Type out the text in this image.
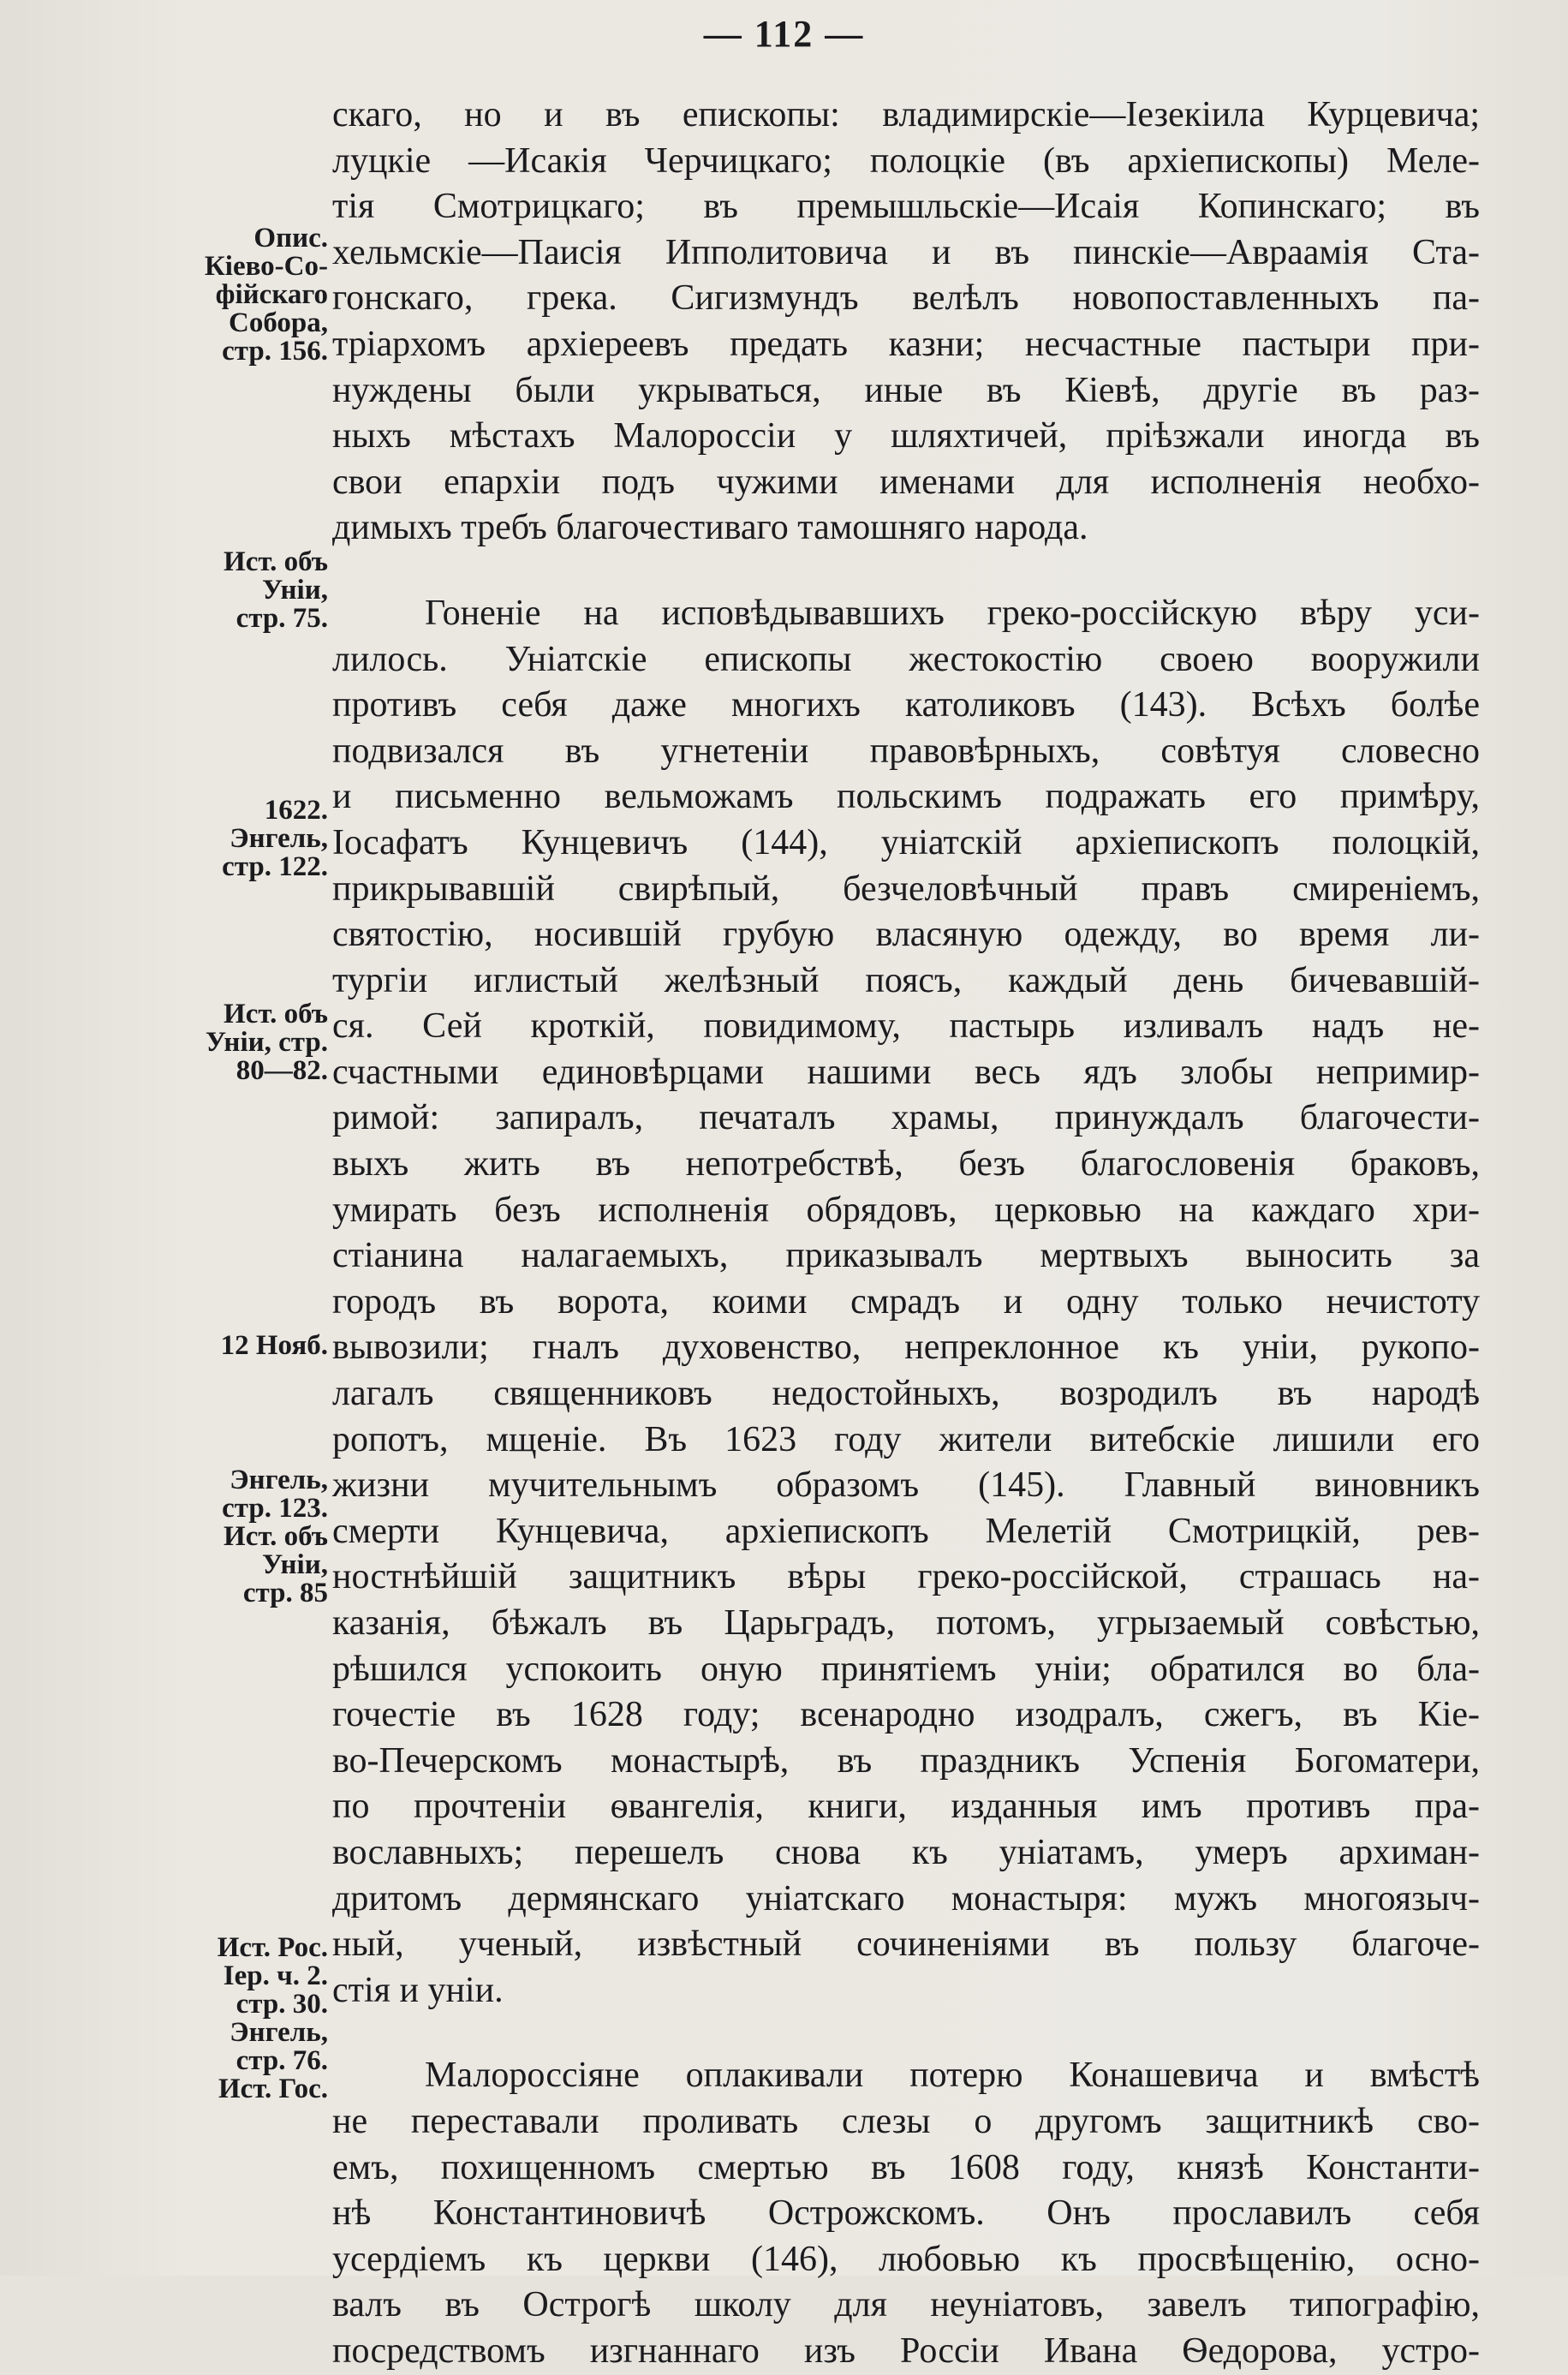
— 112 —
скаго, но и въ епископы: владимирскіе—Iезекіила Курцевича;
луцкіе —Исакія Черчицкаго; полоцкіе (въ архіепископы) Меле-
тія Смотрицкаго; въ премышльскіе—Исаія Копинскаго; въ
хельмскіе—Паисія Ипполитовича и въ пинскіе—Авраамія Ста-
гонскаго, грека. Сигизмундъ велѣлъ новопоставленныхъ па-
тріархомъ архіереевъ предать казни; несчастные пастыри при-
нуждены были укрываться, иные въ Кіевѣ, другіе въ раз-
ныхъ мѣстахъ Малороссіи у шляхтичей, пріѣзжали иногда въ
свои епархіи подъ чужими именами для исполненія необхо-
димыхъ требъ благочестиваго тамошняго народа.
Гоненіе на исповѣдывавшихъ греко-россійскую вѣру уси-
лилось. Уніатскіе епископы жестокостію своею вооружили
противъ себя даже многихъ католиковъ (143). Всѣхъ болѣе
подвизался въ угнетеніи правовѣрныхъ, совѣтуя словесно
и письменно вельможамъ польскимъ подражать его примѣру,
Iосафатъ Кунцевичъ (144), уніатскій архіепископъ полоцкій,
прикрывавшій свирѣпый, безчеловѣчный правъ смиреніемъ,
святостію, носившій грубую власяную одежду, во время ли-
тургіи иглистый желѣзный поясъ, каждый день бичевавшій-
ся. Сей кроткій, повидимому, пастырь изливалъ надъ не-
счастными единовѣрцами нашими весь ядъ злобы непримир-
римой: запиралъ, печаталъ храмы, принуждалъ благочести-
выхъ жить въ непотребствѣ, безъ благословенія браковъ,
умирать безъ исполненія обрядовъ, церковью на каждаго хри-
стіанина налагаемыхъ, приказывалъ мертвыхъ выносить за
городъ въ ворота, коими смрадъ и одну только нечистоту
вывозили; гналъ духовенство, непреклонное къ уніи, рукопо-
лагалъ священниковъ недостойныхъ, возродилъ въ народѣ
ропотъ, мщеніе. Въ 1623 году жители витебскіе лишили его
жизни мучительнымъ образомъ (145). Главный виновникъ
смерти Кунцевича, архіепископъ Мелетій Смотрицкій, рев-
ностнѣйшій защитникъ вѣры греко-россійской, страшась на-
казанія, бѣжалъ въ Царьградъ, потомъ, угрызаемый совѣстью,
рѣшился успокоить оную принятіемъ уніи; обратился во бла-
гочестіе въ 1628 году; всенародно изодралъ, сжегъ, въ Кіе-
во-Печерскомъ монастырѣ, въ праздникъ Успенія Богоматери,
по прочтеніи ѳвангелія, книги, изданныя имъ противъ пра-
вославныхъ; перешелъ снова къ уніатамъ, умеръ архиман-
дритомъ дермянскаго уніатскаго монастыря: мужъ многоязыч-
ный, ученый, извѣстный сочиненіями въ пользу благоче-
стія и уніи.
Малороссіяне оплакивали потерю Конашевича и вмѣстѣ
не переставали проливать слезы о другомъ защитникѣ сво-
емъ, похищенномъ смертью въ 1608 году, князѣ Константи-
нѣ Константиновичѣ Острожскомъ. Онъ прославилъ себя
усердіемъ къ церкви (146), любовью къ просвѣщенію, осно-
валъ въ Острогѣ школу для неуніатовъ, завелъ типографію,
посредствомъ изгнаннаго изъ Россіи Ивана Ѳедорова, устро-
Опис.
Кіево-Со-
фійскаго
Собора,
стр. 156.
Ист. объ
Уніи,
стр. 75.
1622.
Энгель,
стр. 122.
Ист. объ
Уніи, стр.
80—82.
12 Нояб.
Энгель,
стр. 123.
Ист. объ
Уніи,
стр. 85
Ист. Рос.
Iер. ч. 2.
стр. 30.
Энгель,
стр. 76.
Ист. Гос.
